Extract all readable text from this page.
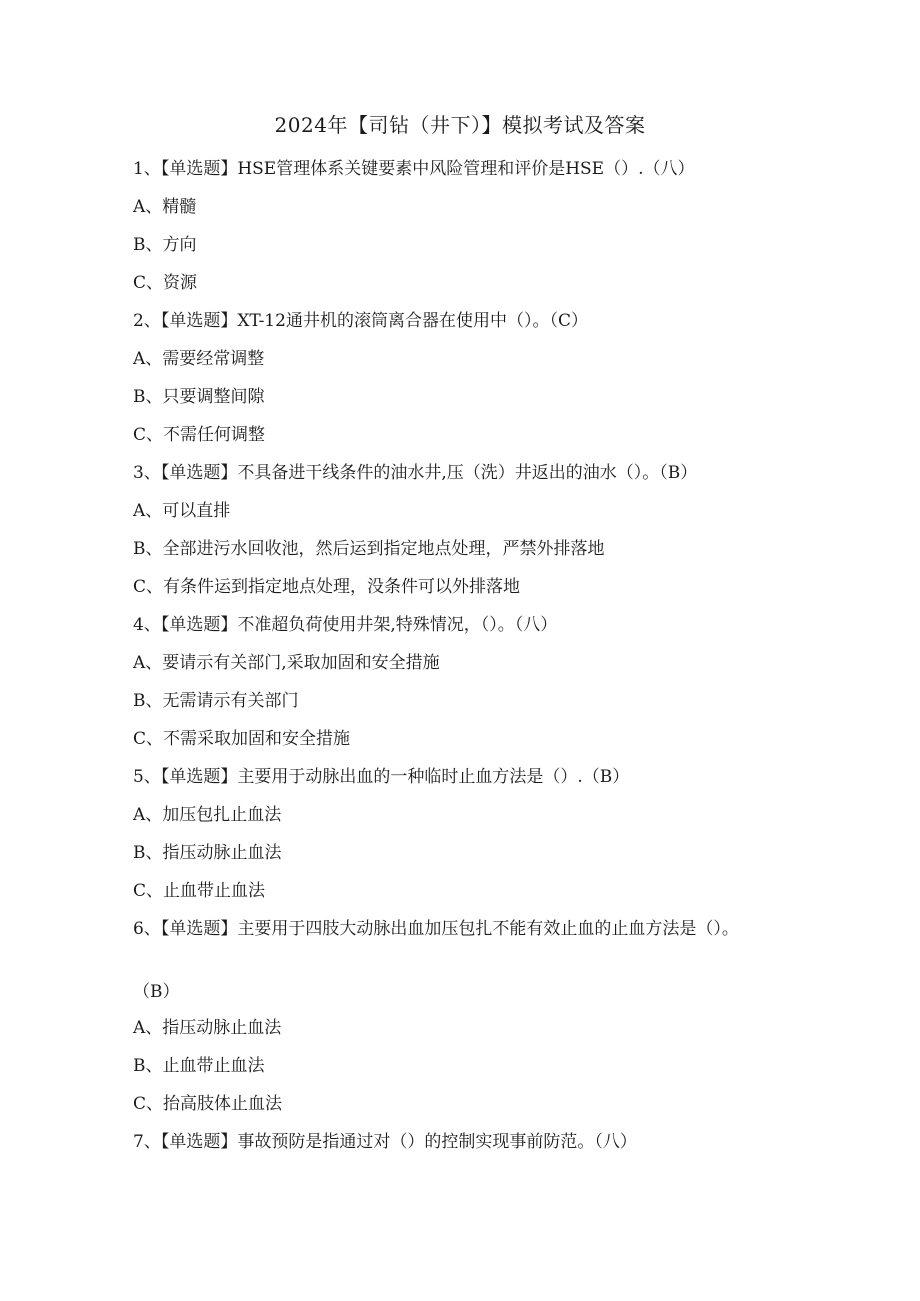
2024年【司钻（井下）】模拟考试及答案
1、【单选题】HSE管理体系关键要素中风险管理和评价是HSE（）.（八）
A、精髓
B、方向
C、资源
2、【单选题】XT-12通井机的滚筒离合器在使用中（）。（C）
A、需要经常调整
B、只要调整间隙
C、不需任何调整
3、【单选题】不具备进干线条件的油水井,压（洗）井返出的油水（）。（B）
A、可以直排
B、全部进污水回收池，然后运到指定地点处理，严禁外排落地
C、有条件运到指定地点处理，没条件可以外排落地
4、【单选题】不准超负荷使用井架,特殊情况，（）。（八）
A、要请示有关部门,采取加固和安全措施
B、无需请示有关部门
C、不需采取加固和安全措施
5、【单选题】主要用于动脉出血的一种临时止血方法是（）.（B）
A、加压包扎止血法
B、指压动脉止血法
C、止血带止血法
6、【单选题】主要用于四肢大动脉出血加压包扎不能有效止血的止血方法是（）。
（B）
A、指压动脉止血法
B、止血带止血法
C、抬高肢体止血法
7、【单选题】事故预防是指通过对（）的控制实现事前防范。（八）
